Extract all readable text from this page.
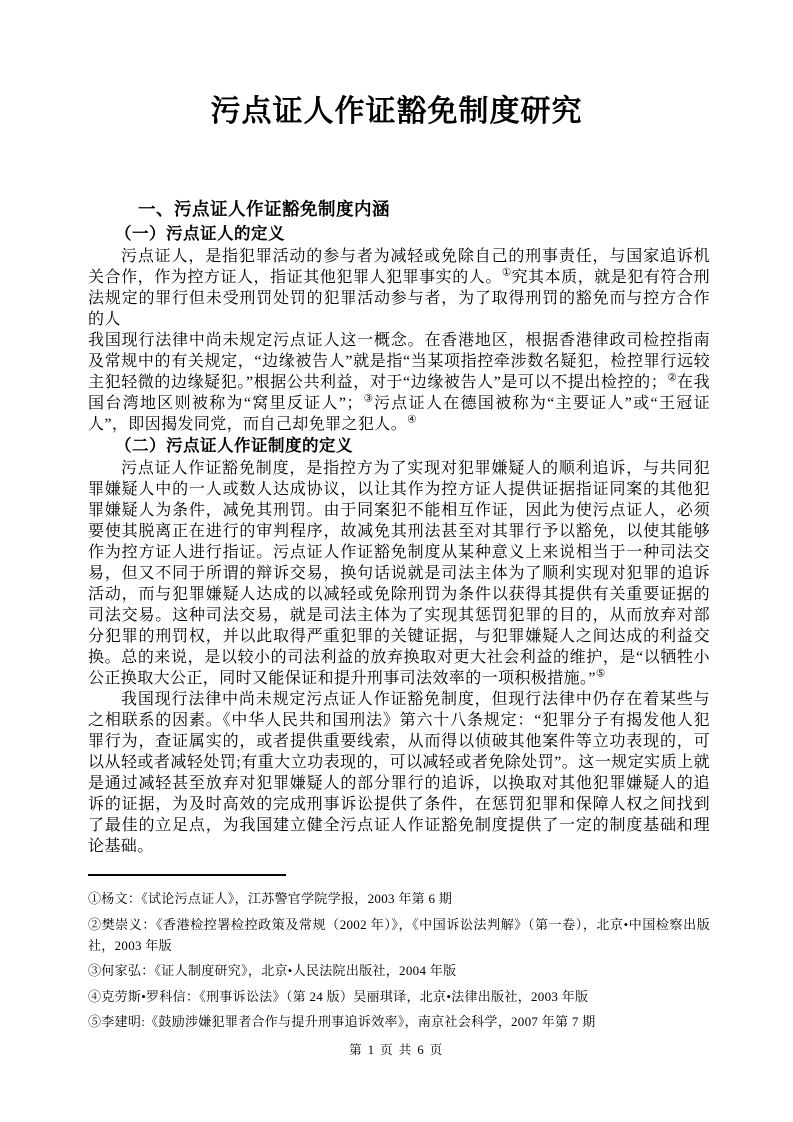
污点证人作证豁免制度研究
一、污点证人作证豁免制度内涵
（一）污点证人的定义

污点证人，是指犯罪活动的参与者为减轻或免除自己的刑事责任，与国家追诉机关合作，作为控方证人，指证其他犯罪人犯罪事实的人。①究其本质，就是犯有符合刑法规定的罪行但未受刑罚处罚的犯罪活动参与者，为了取得刑罚的豁免而与控方合作的人

我国现行法律中尚未规定污点证人这一概念。在香港地区，根据香港律政司检控指南及常规中的有关规定，“边缘被告人”就是指“当某项指控牵涉数名疑犯，检控罪行远较主犯轻微的边缘疑犯。”根据公共利益，对于“边缘被告人”是可以不提出检控的；②在我国台湾地区则被称为“窝里反证人”；③污点证人在德国被称为“主要证人”或“王冠证人”，即因揭发同党，而自己却免罪之犯人。④

（二）污点证人作证制度的定义

污点证人作证豁免制度，是指控方为了实现对犯罪嫌疑人的顺利追诉，与共同犯罪嫌疑人中的一人或数人达成协议，以让其作为控方证人提供证据指证同案的其他犯罪嫌疑人为条件，减免其刑罚。由于同案犯不能相互作证，因此为使污点证人，必须要使其脱离正在进行的审判程序，故减免其刑法甚至对其罪行予以豁免，以使其能够作为控方证人进行指证。污点证人作证豁免制度从某种意义上来说相当于一种司法交易，但又不同于所谓的辩诉交易，换句话说就是司法主体为了顺利实现对犯罪的追诉活动，而与犯罪嫌疑人达成的以减轻或免除刑罚为条件以获得其提供有关重要证据的司法交易。这种司法交易，就是司法主体为了实现其惩罚犯罪的目的，从而放弃对部分犯罪的刑罚权，并以此取得严重犯罪的关键证据，与犯罪嫌疑人之间达成的利益交换。总的来说，是以较小的司法利益的放弃换取对更大社会利益的维护，是“以牺牲小公正换取大公正，同时又能保证和提升刑事司法效率的一项积极措施。”⑤

我国现行法律中尚未规定污点证人作证豁免制度，但现行法律中仍存在着某些与之相联系的因素。《中华人民共和国刑法》第六十八条规定：“犯罪分子有揭发他人犯罪行为，查证属实的，或者提供重要线索，从而得以侦破其他案件等立功表现的，可以从轻或者减轻处罚;有重大立功表现的，可以减轻或者免除处罚”。这一规定实质上就是通过减轻甚至放弃对犯罪嫌疑人的部分罪行的追诉，以换取对其他犯罪嫌疑人的追诉的证据，为及时高效的完成刑事诉讼提供了条件，在惩罚犯罪和保障人权之间找到了最佳的立足点，为我国建立健全污点证人作证豁免制度提供了一定的制度基础和理论基础。

①杨文：《试论污点证人》，江苏警官学院学报，2003 年第 6 期
②樊崇义：《香港检控署检控政策及常规（2002 年）》，《中国诉讼法判解》（第一卷），北京•中国检察出版社，2003 年版
③何家弘：《证人制度研究》，北京•人民法院出版社，2004 年版
④克劳斯•罗科信：《刑事诉讼法》（第 24 版）吴丽琪译，北京•法律出版社，2003 年版
⑤李建明:《鼓励涉嫌犯罪者合作与提升刑事追诉效率》，南京社会科学，2007 年第 7 期
第 1 页 共 6 页
